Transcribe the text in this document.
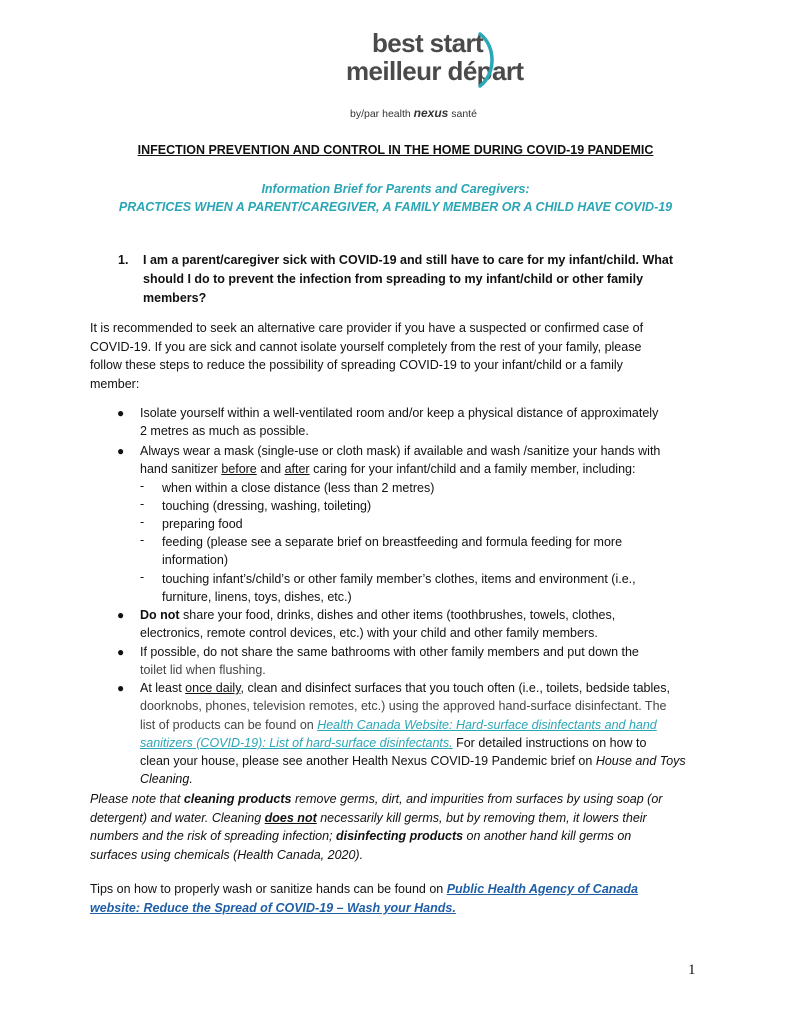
best start
meilleur départ
by/par health nexus santé
INFECTION PREVENTION AND CONTROL IN THE HOME DURING COVID-19 PANDEMIC
Information Brief for Parents and Caregivers:
PRACTICES WHEN A PARENT/CAREGIVER, A FAMILY MEMBER OR A CHILD HAVE COVID-19
1. I am a parent/caregiver sick with COVID-19 and still have to care for my infant/child. What
should I do to prevent the infection from spreading to my infant/child or other family
members?
It is recommended to seek an alternative care provider if you have a suspected or confirmed case of
COVID-19. If you are sick and cannot isolate yourself completely from the rest of your family, please
follow these steps to reduce the possibility of spreading COVID-19 to your infant/child or a family
member:
● Isolate yourself within a well-ventilated room and/or keep a physical distance of approximately
2 metres as much as possible.
● Always wear a mask (single-use or cloth mask) if available and wash /sanitize your hands with
hand sanitizer before and after caring for your infant/child and a family member, including:
- when within a close distance (less than 2 metres)
- touching (dressing, washing, toileting)
- preparing food
- feeding (please see a separate brief on breastfeeding and formula feeding for more
information)
- touching infant’s/child’s or other family member’s clothes, items and environment (i.e.,
furniture, linens, toys, dishes, etc.)
● Do not share your food, drinks, dishes and other items (toothbrushes, towels, clothes,
electronics, remote control devices, etc.) with your child and other family members.
● If possible, do not share the same bathrooms with other family members and put down the
toilet lid when flushing.
● At least once daily, clean and disinfect surfaces that you touch often (i.e., toilets, bedside tables,
doorknobs, phones, television remotes, etc.) using the approved hand-surface disinfectant. The
list of products can be found on Health Canada Website: Hard-surface disinfectants and hand
sanitizers (COVID-19): List of hard-surface disinfectants. For detailed instructions on how to
clean your house, please see another Health Nexus COVID-19 Pandemic brief on House and Toys
Cleaning.
Please note that cleaning products remove germs, dirt, and impurities from surfaces by using soap (or
detergent) and water. Cleaning does not necessarily kill germs, but by removing them, it lowers their
numbers and the risk of spreading infection; disinfecting products on another hand kill germs on
surfaces using chemicals (Health Canada, 2020).
Tips on how to properly wash or sanitize hands can be found on Public Health Agency of Canada
website: Reduce the Spread of COVID-19 – Wash your Hands.
1
